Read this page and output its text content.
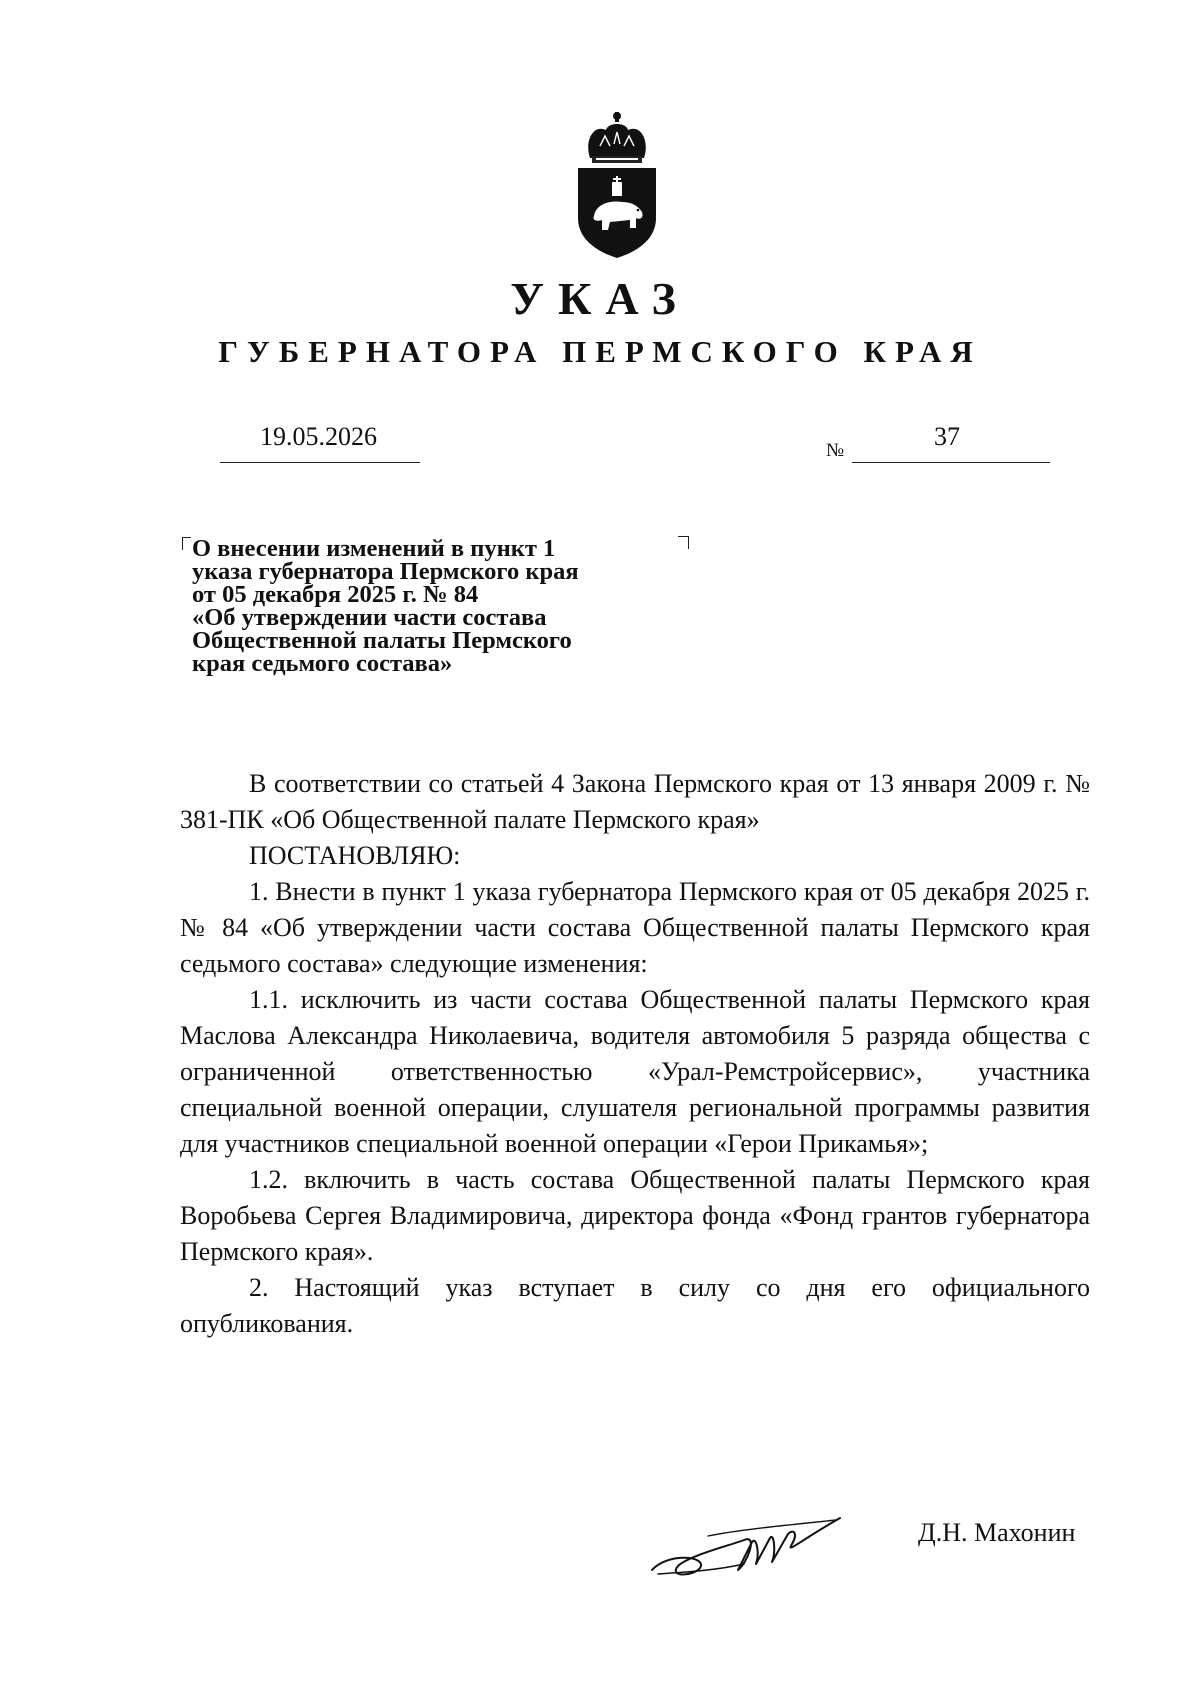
УКАЗ
ГУБЕРНАТОРА ПЕРМСКОГО КРАЯ
19.05.2026	№	37
О внесении изменений в пункт 1
указа губернатора Пермского края
от 05 декабря 2025 г. № 84
«Об утверждении части состава
Общественной палаты Пермского
края седьмого состава»

В соответствии со статьей 4 Закона Пермского края от 13 января 2009 г. № 381-ПК «Об Общественной палате Пермского края»

ПОСТАНОВЛЯЮ:

1. Внести в пункт 1 указа губернатора Пермского края от 05 декабря 2025 г. № 84 «Об утверждении части состава Общественной палаты Пермского края седьмого состава» следующие изменения:

1.1. исключить из части состава Общественной палаты Пермского края Маслова Александра Николаевича, водителя автомобиля 5 разряда общества с ограниченной ответственностью «Урал-Ремстройсервис», участника специальной военной операции, слушателя региональной программы развития для участников специальной военной операции «Герои Прикамья»;

1.2. включить в часть состава Общественной палаты Пермского края Воробьева Сергея Владимировича, директора фонда «Фонд грантов губернатора Пермского края».

2. Настоящий указ вступает в силу со дня его официального опубликования.

Д.Н. Махонин
